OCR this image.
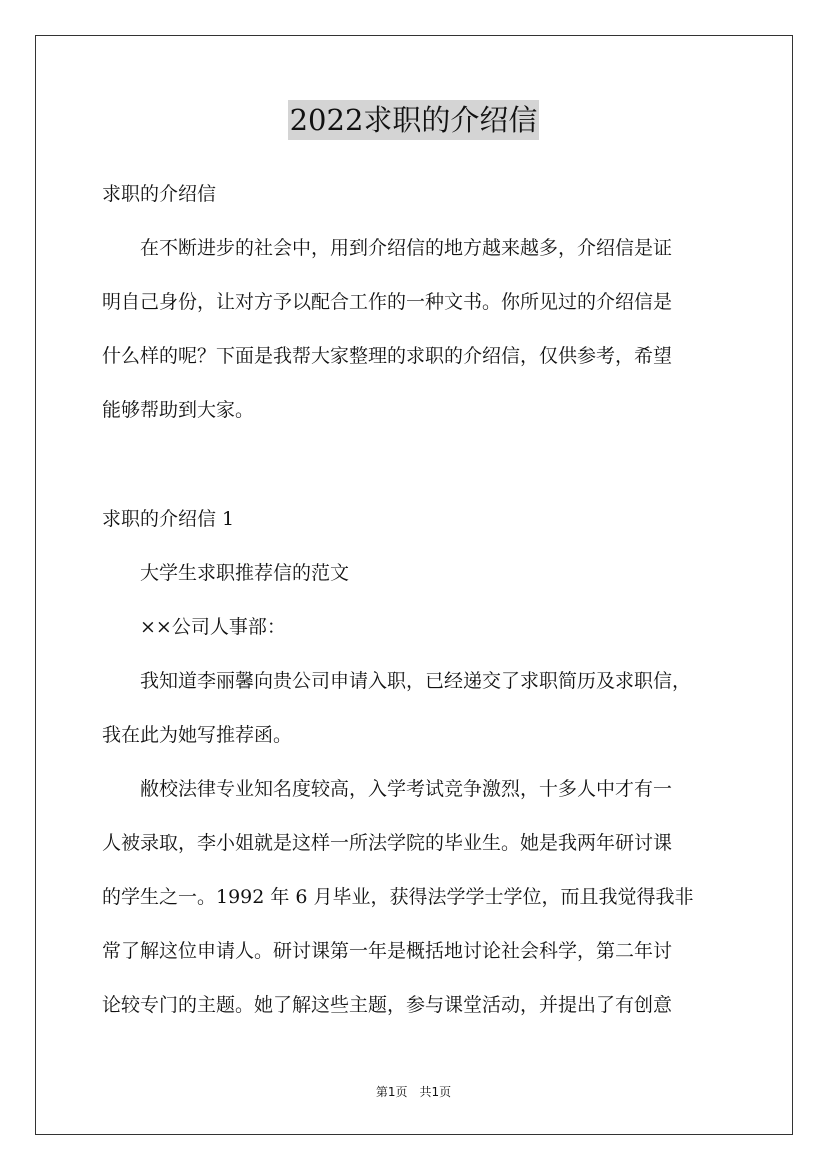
2022求职的介绍信
求职的介绍信
　　在不断进步的社会中，用到介绍信的地方越来越多，介绍信是证
明自己身份，让对方予以配合工作的一种文书。你所见过的介绍信是
什么样的呢？下面是我帮大家整理的求职的介绍信，仅供参考，希望
能够帮助到大家。
求职的介绍信 1
　　大学生求职推荐信的范文
　　××公司人事部：
　　我知道李丽馨向贵公司申请入职，已经递交了求职简历及求职信，
我在此为她写推荐函。
　　敝校法律专业知名度较高，入学考试竞争激烈，十多人中才有一
人被录取，李小姐就是这样一所法学院的毕业生。她是我两年研讨课
的学生之一。1992 年 6 月毕业，获得法学学士学位，而且我觉得我非
常了解这位申请人。研讨课第一年是概括地讨论社会科学，第二年讨
论较专门的主题。她了解这些主题，参与课堂活动，并提出了有创意
第1页　共1页
